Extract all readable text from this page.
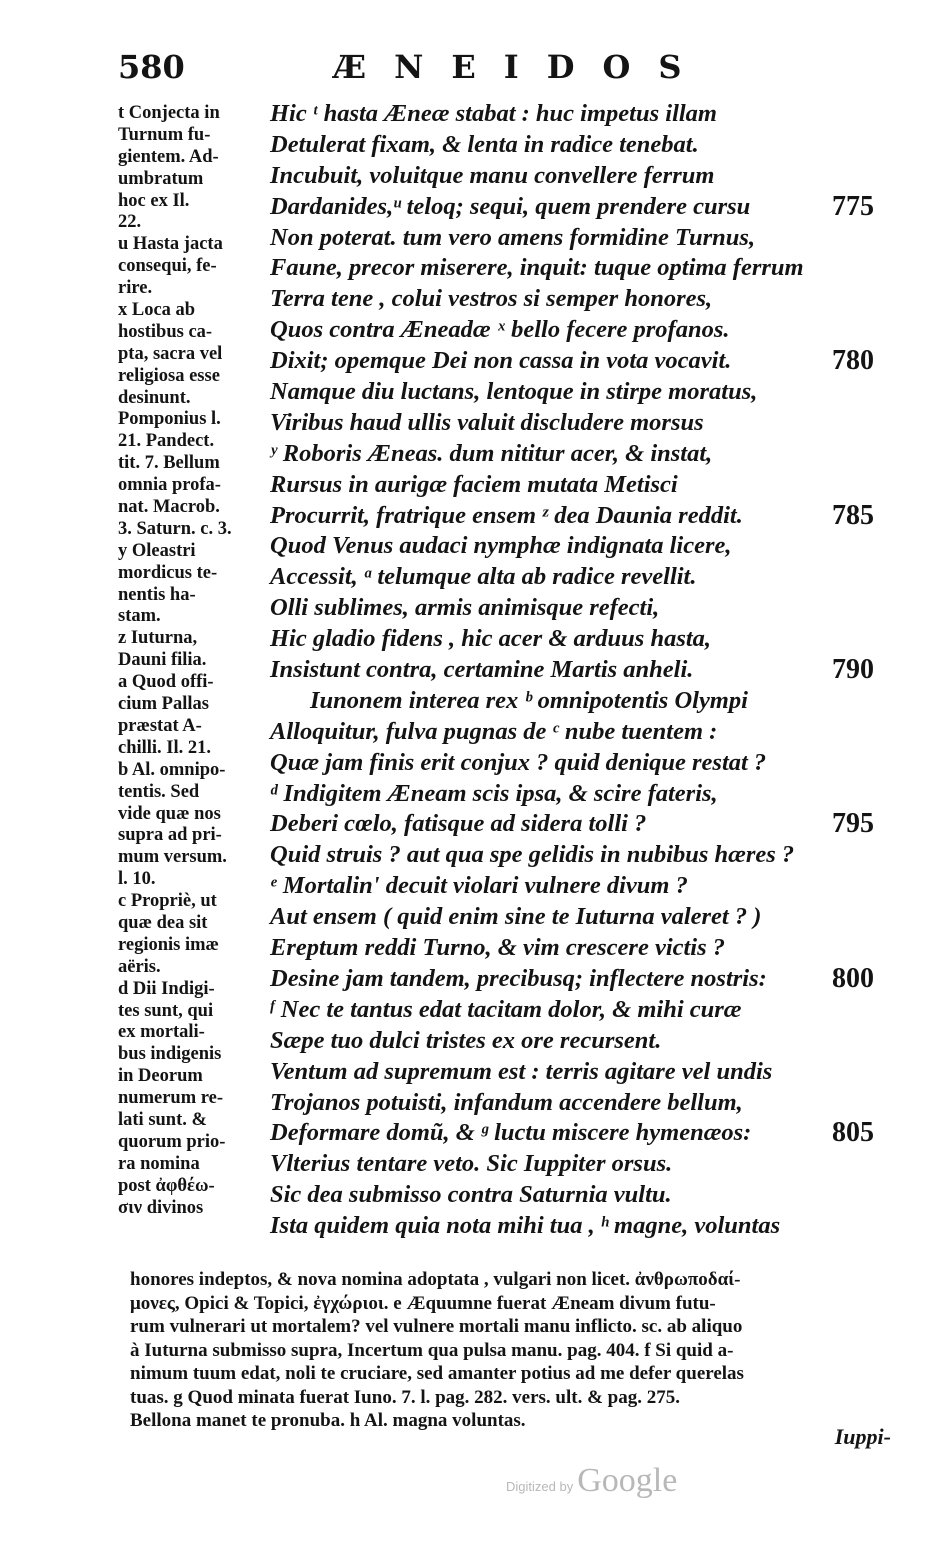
580	ÆNEIDOS
t Conjecta in
Turnum fu-
gientem. Ad-
umbratum
hoc ex Il.
22.
u Hasta jacta
consequi, fe-
rire.
x Loca ab
hostibus ca-
pta, sacra vel
religiosa esse
desinunt.
Pomponius l.
21. Pandect.
tit. 7. Bellum
omnia profa-
nat. Macrob.
3. Saturn. c. 3.
y Oleastri
mordicus te-
nentis ha-
stam.
z Iuturna,
Dauni filia.
a Quod offi-
cium Pallas
præstat A-
chilli. Il. 21.
b Al. omnipo-
tentis. Sed
vide quæ nos
supra ad pri-
mum versum.
l. 10.
c Propriè, ut
quæ dea sit
regionis imæ
aëris.
d Dii Indigi-
tes sunt, qui
ex mortali-
bus indigenis
in Deorum
numerum re-
lati sunt. &
quorum prio-
ra nomina
post ἀφθέω-
σιν divinos
Hic ᵗ hasta Æneæ stabat : huc impetus illam
Detulerat fixam, & lenta in radice tenebat.
Incubuit, voluitque manu convellere ferrum
Dardanides,ᵘ teloq; sequi, quem prendere cursu	775
Non poterat. tum vero amens formidine Turnus,
Faune, precor miserere, inquit: tuque optima ferrum
Terra tene , colui vestros si semper honores,
Quos contra Æneadæ ˣ bello fecere profanos.
Dixit; opemque Dei non cassa in vota vocavit.	780
Namque diu luctans, lentoque in stirpe moratus,
Viribus haud ullis valuit discludere morsus
ʸ Roboris Æneas. dum nititur acer, & instat,
Rursus in aurigæ faciem mutata Metisci
Procurrit, fratrique ensem ᶻ dea Daunia reddit.	785
Quod Venus audaci nymphæ indignata licere,
Accessit, ᵃ telumque alta ab radice revellit.
Olli sublimes, armis animisque refecti,
Hic gladio fidens , hic acer & arduus hasta,
Insistunt contra, certamine Martis anheli.	790
Iunonem interea rex ᵇ omnipotentis Olympi
Alloquitur, fulva pugnas de ᶜ nube tuentem :
Quæ jam finis erit conjux ? quid denique restat ?
ᵈ Indigitem Æneam scis ipsa, & scire fateris,
Deberi cœlo, fatisque ad sidera tolli ?	795
Quid struis ? aut qua spe gelidis in nubibus hæres ?
ᵉ Mortalin' decuit violari vulnere divum ?
Aut ensem ( quid enim sine te Iuturna valeret ? )
Ereptum reddi Turno, & vim crescere victis ?
Desine jam tandem, precibusq; inflectere nostris: 800
ᶠ Nec te tantus edat tacitam dolor, & mihi curæ
Sæpe tuo dulci tristes ex ore recursent.
Ventum ad supremum est : terris agitare vel undis
Trojanos potuisti, infandum accendere bellum,
Deformare domũ, & ᵍ luctu miscere hymenæos:	805
Vlterius tentare veto. Sic Iuppiter orsus.
Sic dea submisso contra Saturnia vultu.
Ista quidem quia nota mihi tua , ʰ magne, voluntas
honores indeptos, & nova nomina adoptata , vulgari non licet. ἀνθρωποδαί-
μονες, Opici & Topici, ἐγχώριοι. e Æquumne fuerat Æneam divum futu-
rum vulnerari ut mortalem? vel vulnere mortali manu inflicto. sc. ab aliquo
à Iuturna submisso supra, Incertum qua pulsa manu. pag. 404. f Si quid a-
nimum tuum edat, noli te cruciare, sed amanter potius ad me defer querelas
tuas. g Quod minata fuerat Iuno. 7. l. pag. 282. vers. ult. & pag. 275.
Bellona manet te pronuba. h Al. magna voluntas.
Iuppi-
Digitized by Google
